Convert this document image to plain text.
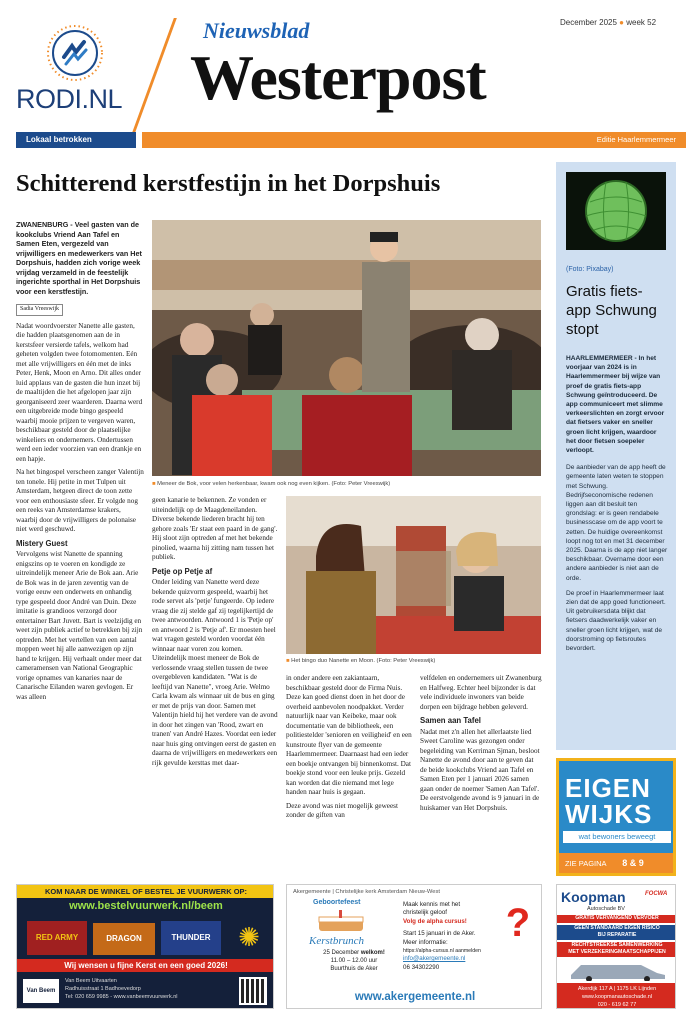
RODI.NL
Nieuwsblad
Westerpost
December 2025 ● week 52
Lokaal betrokken	Editie Haarlemmermeer
Schitterend kerstfestijn in het Dorpshuis

ZWANENBURG - Veel gasten van de kookclubs Vriend Aan Tafel en Samen Eten, vergezeld van vrijwilligers en medewerkers van Het Dorpshuis, hadden zich vorige week vrijdag verzameld in de feestelijk ingerichte sporthal in Het Dorpshuis voor een kerstfestijn.

Sadia Vreeswijk

Nadat woordvoerster Nanette alle gasten, die hadden plaatsgenomen aan de in kerstsfeer versierde tafels, welkom had geheten volgden twee fotomomenten. Eén met alle vrijwilligers en één met de inks Peter, Henk, Moon en Arno. Dit alles onder luid applaus van de gasten die hun inzet bij de maaltijden die het afgelopen jaar zijn georganiseerd zeer waarderen. Daarna werd een uitgebreide mode bingo gespeeld waarbij mooie prijzen te vergeven waren, beschikbaar gesteld door de plaatselijke winkeliers en ondernemers. Ondertussen werd een ieder voorzien van een drankje en een hapje.

Na het bingospel verscheen zanger Valentijn ten tonele. Hij petite in met Tulpen uit Amsterdam, hetgeen direct de toon zette voor een enthousiaste sfeer. Er volgde nog een reeks van Amsterdamse krakers, waarbij door de vrijwilligers de polonaise niet werd geschuwd.

Mistery Guest

Vervolgens wist Nanette de spanning enigszins op te voeren en kondigde ze uitreindelijk meneer Arie de Bok aan. Arie de Bok was in de jaren zeventig van de vorige eeuw een onderwets en onhandig type gespeeld door André van Duin. Deze imitatie is grandioos verzorgd door entertainer Bart Juvett. Bart is veelzijdig en weet zijn publiek actief te betrekken bij zijn optreden. Met het vertellen van een aantal moppen weet hij alle aanwezigen op zijn hand te krijgen. Hij verhaalt onder meer dat cameramensen van National Geographic vorige opnames van kanaries naar de Canarische Eilanden waren gevlogen. Er was alleen

■ Meneer de Bok, voor velen herkenbaar, kwam ook nog even kijken. (Foto: Peter Vreeswijk)

geen kanarie te bekennen. Ze vonden er uiteindelijk op de Maagdeneilanden. Diverse bekende liederen bracht hij ten gehore zoals 'Er staat een paard in de gang'. Hij sloot zijn optreden af met het bekende pinolied, waarna hij zitting nam tussen het publiek.

Petje op Petje af

Onder leiding van Nanette werd deze bekende quizvorm gespeeld, waarbij het rode servet als 'petje' fungeerde. Op iedere vraag die zij stelde gaf zij tegelijkertijd de twee antwoorden. Antwoord 1 is 'Petje op' en antwoord 2 is 'Petje af'. Er moesten heel wat vragen gesteld worden voordat één winnaar naar voren zou komen. Uiteindelijk moest meneer de Bok de verlossende vraag stellen tussen de twee overgebleven kandidaten. "Wat is de leeftijd van Nanette", vroeg Arie. Welmo Carla kwam als winnaar uit de bus en ging er met de prijs van door. Samen met Valentijn hield hij het verdere van de avond in door het zingen van 'Rood, zwart en tranen' van André Hazes. Voordat een ieder naar huis ging ontvingen eerst de gasten en daarna de vrijwilligers en medewerkers een rijk gevulde kersttas met daar-

■ Het bingo duo Nanette en Moon. (Foto: Peter Vreeswijk)

in onder andere een zakiantaarn, beschikbaar gesteld door de Firma Nuis. Deze kan goed dienst doen in het door de overheid aanbevolen noodpakket. Verder natuurlijk naar van Keibeke, maar ook documentatie van de bibliotheek, een politiestelder 'senioren en veiligheid' en een kunstroute flyer van de gemeente Haarlemmermeer. Daarnaast had een ieder een boekje ontvangen bij binnenkomst. Dat boekje stond voor een leuke prijs. Gezeld kan worden dat die niemand met lege handen naar huis is gegaan.

Deze avond was niet mogelijk geweest zonder de giften van

velfdelen en ondernemers uit Zwanenburg en Halfweg. Echter heel bijzonder is dat vele individuele inwoners van beide dorpen een bijdrage hebben geleverd.

Samen aan Tafel

Nadat met z'n allen het allerlaatste lied Sweet Caroline was gezongen onder begeleiding van Kerriman Sjman, besloot Nanette de avond door aan te geven dat de beide kookclubs Vriend aan Tafel en Samen Eten per 1 januari 2026 samen gaan onder de noemer 'Samen Aan Tafel'. De eerstvolgende avond is 9 januari in de huiskamer van Het Dorpshuis.

(Foto: Pixabay)
Gratis fiets-app Schwung stopt

HAARLEMMERMEER - In het voorjaar van 2024 is in Haarlemmermeer bij wijze van proef de gratis fiets-app Schwung geïntroduceerd. De app communiceert met slimme verkeerslichten en zorgt ervoor dat fietsers vaker en sneller groen licht krijgen, waardoor het door fietsen soepeler verloopt.

De aanbieder van de app heeft de gemeente laten weten te stoppen met Schwung. Bedrijfseconomische redenen liggen aan dit besluit ten grondslag: er is geen rendabele businesscase om de app voort te zetten. De huidige overeenkomst loopt nog tot en met 31 december 2025. Daarna is de app niet langer beschikbaar. Overname door een andere aanbieder is niet aan de orde.

De proef in Haarlemmermeer laat zien dat de app goed functioneert. Uit gebruikersdata blijkt dat fietsers daadwerkelijk vaker en sneller groen licht krijgen, wat de doorstroming op fietsroutes bevordert.

EIGEN
WIJKS
wat bewoners beweegt
ZIE PAGINA 8 & 9
KOM NAAR DE WINKEL OF BESTEL JE VUURWERK OP:
www.bestelvuurwerk.nl/beem
RED ARMY	DRAGON	THUNDER	✺
Wij wensen u fijne Kerst en een goed 2026!
Van Beem
Van Beem Uitvaarten
Radhuisstraat 1 Badhoevedorp
Tel: 020 659 9985 - www.vanbeemvuurwerk.nl
Akergemeente | Christelijke kerk Amsterdam Nieuw-West
Geboortefeest
Kerstbrunch
25 December welkom!
11.00 – 12.00 uur
Buurthuis de Aker
Maak kennis met het
christelijk geloof
Volg de alpha cursus!
Start 15 januari in de Aker.
Meer informatie:
https://alpha-cursus.nl aanmelden
info@akergemeente.nl
06 34302290
?
www.akergemeente.nl
Koopman	FOCWA
Autoschade BV
GRATIS VERVANGEND VERVOER
GEEN STANDAARD EIGEN RISICO
BIJ REPARATIE
RECHTSTREEKSE SAMENWERKING
MET VERZEKERINGMAATSCHAPPIJEN
Akerdijk 117 A | 1175 LK Lijnden
www.koopmanautoschade.nl
020 - 619 62 77
